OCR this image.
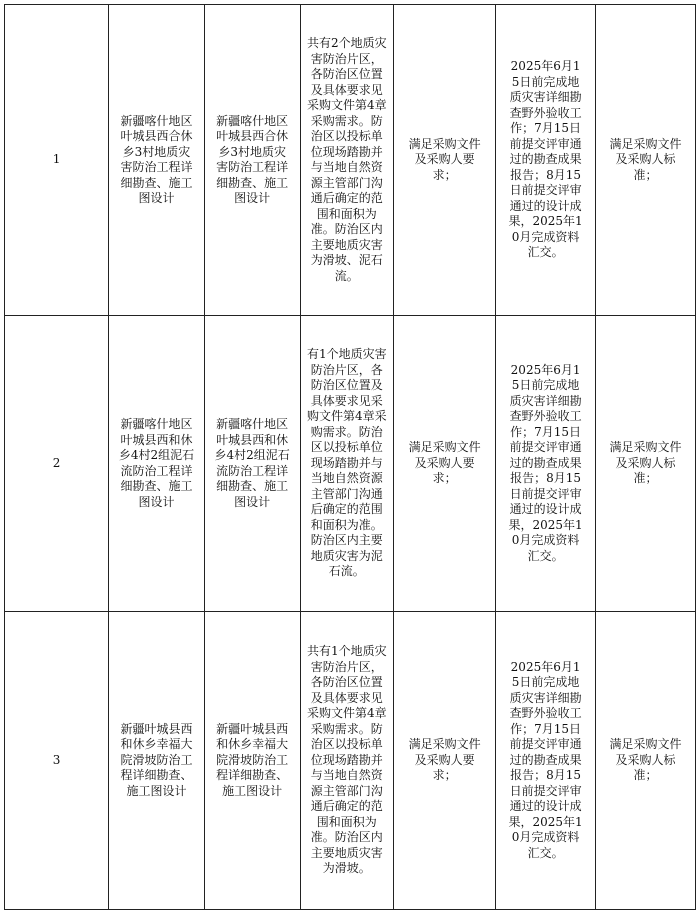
1	新疆喀什地区叶城县西合休乡3村地质灾害防治工程详细勘查、施工图设计	新疆喀什地区叶城县西合休乡3村地质灾害防治工程详细勘查、施工图设计	共有2个地质灾害防治片区，各防治区位置及具体要求见采购文件第4章采购需求。防治区以投标单位现场踏勘并与当地自然资源主管部门沟通后确定的范围和面积为准。防治区内主要地质灾害为滑坡、泥石流。	满足采购文件及采购人要求；	2025年6月15日前完成地质灾害详细勘查野外验收工作；7月15日前提交评审通过的勘查成果报告；8月15日前提交评审通过的设计成果，2025年10月完成资料汇交。	满足采购文件及采购人标准；
2	新疆喀什地区叶城县西和休乡4村2组泥石流防治工程详细勘查、施工图设计	新疆喀什地区叶城县西和休乡4村2组泥石流防治工程详细勘查、施工图设计	有1个地质灾害防治片区，各防治区位置及具体要求见采购文件第4章采购需求。防治区以投标单位现场踏勘并与当地自然资源主管部门沟通后确定的范围和面积为准。防治区内主要地质灾害为泥石流。	满足采购文件及采购人要求；	2025年6月15日前完成地质灾害详细勘查野外验收工作；7月15日前提交评审通过的勘查成果报告；8月15日前提交评审通过的设计成果，2025年10月完成资料汇交。	满足采购文件及采购人标准；
3	新疆叶城县西和休乡幸福大院滑坡防治工程详细勘查、施工图设计	新疆叶城县西和休乡幸福大院滑坡防治工程详细勘查、施工图设计	共有1个地质灾害防治片区，各防治区位置及具体要求见采购文件第4章采购需求。防治区以投标单位现场踏勘并与当地自然资源主管部门沟通后确定的范围和面积为准。防治区内主要地质灾害为滑坡。	满足采购文件及采购人要求；	2025年6月15日前完成地质灾害详细勘查野外验收工作；7月15日前提交评审通过的勘查成果报告；8月15日前提交评审通过的设计成果，2025年10月完成资料汇交。	满足采购文件及采购人标准；
